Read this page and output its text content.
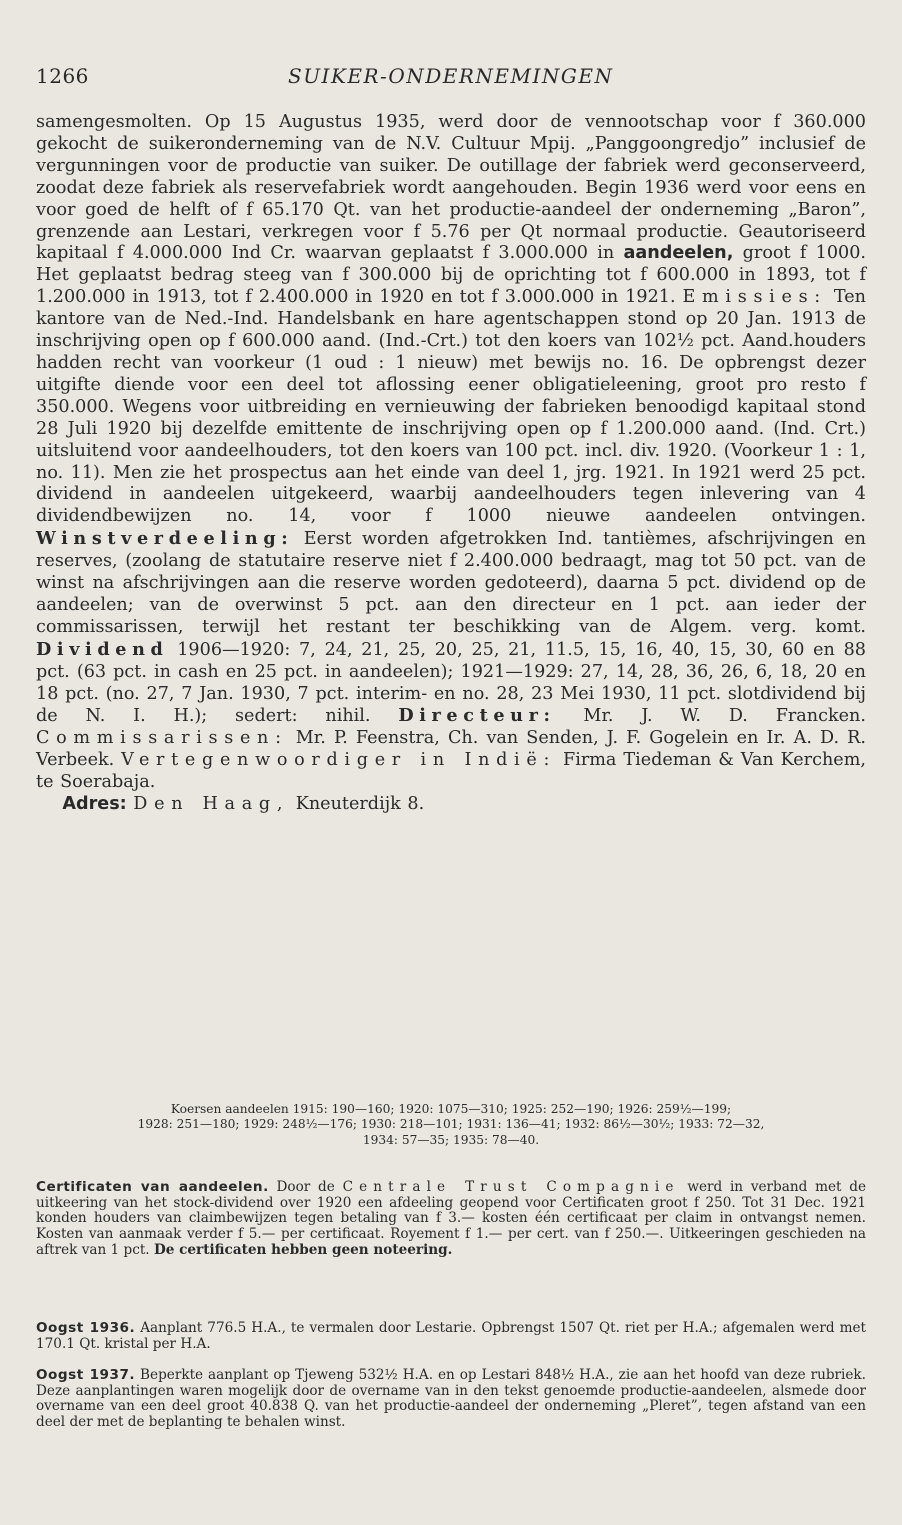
1266	SUIKER-ONDERNEMINGEN

samengesmolten. Op 15 Augustus 1935, werd door de vennootschap voor f 360.000 gekocht de suikeronderneming van de N.V. Cultuur Mpij. „Panggoongredjo” inclusief de vergunningen voor de productie van suiker. De outillage der fabriek werd geconserveerd, zoodat deze fabriek als reservefabriek wordt aangehouden. Begin 1936 werd voor eens en voor goed de helft of f 65.170 Qt. van het productie-aandeel der onderneming „Baron”, grenzende aan Lestari, verkregen voor f 5.76 per Qt normaal productie. Geautoriseerd kapitaal f 4.000.000 Ind Cr. waarvan geplaatst f 3.000.000 in aandeelen, groot f 1000. Het geplaatst bedrag steeg van f 300.000 bij de oprichting tot f 600.000 in 1893, tot f 1.200.000 in 1913, tot f 2.400.000 in 1920 en tot f 3.000.000 in 1921. Emissies: Ten kantore van de Ned.-Ind. Handelsbank en hare agentschappen stond op 20 Jan. 1913 de inschrijving open op f 600.000 aand. (Ind.-Crt.) tot den koers van 102½ pct. Aand.houders hadden recht van voorkeur (1 oud : 1 nieuw) met bewijs no. 16. De opbrengst dezer uitgifte diende voor een deel tot aflossing eener obligatieleening, groot pro resto f 350.000. Wegens voor uitbreiding en vernieuwing der fabrieken benoodigd kapitaal stond 28 Juli 1920 bij dezelfde emittente de inschrijving open op f 1.200.000 aand. (Ind. Crt.) uitsluitend voor aandeelhouders, tot den koers van 100 pct. incl. div. 1920. (Voorkeur 1 : 1, no. 11). Men zie het prospectus aan het einde van deel 1, jrg. 1921. In 1921 werd 25 pct. dividend in aandeelen uitgekeerd, waarbij aandeelhouders tegen inlevering van 4 dividendbewijzen no. 14, voor f 1000 nieuwe aandeelen ontvingen. Winstverdeeling: Eerst worden afgetrokken Ind. tantièmes, afschrijvingen en reserves, (zoolang de statutaire reserve niet f 2.400.000 bedraagt, mag tot 50 pct. van de winst na afschrijvingen aan die reserve worden gedoteerd), daarna 5 pct. dividend op de aandeelen; van de overwinst 5 pct. aan den directeur en 1 pct. aan ieder der commissarissen, terwijl het restant ter beschikking van de Algem. verg. komt. Dividend 1906—1920: 7, 24, 21, 25, 20, 25, 21, 11.5, 15, 16, 40, 15, 30, 60 en 88 pct. (63 pct. in cash en 25 pct. in aandeelen); 1921—1929: 27, 14, 28, 36, 26, 6, 18, 20 en 18 pct. (no. 27, 7 Jan. 1930, 7 pct. interim- en no. 28, 23 Mei 1930, 11 pct. slotdividend bij de N. I. H.); sedert: nihil. Directeur: Mr. J. W. D. Francken. Commissarissen: Mr. P. Feenstra, Ch. van Senden, J. F. Gogelein en Ir. A. D. R. Verbeek. Vertegenwoordiger in Indië: Firma Tiedeman & Van Kerchem, te Soerabaja.

Adres: Den Haag, Kneuterdijk 8.

Koersen aandeelen 1915: 190—160; 1920: 1075—310; 1925: 252—190; 1926: 259½—199;
1928: 251—180; 1929: 248½—176; 1930: 218—101; 1931: 136—41; 1932: 86½—30½; 1933: 72—32,
1934: 57—35; 1935: 78—40.
Certificaten van aandeelen. Door de Centrale Trust Compagnie werd in verband met de uitkeering van het stock-dividend over 1920 een afdeeling geopend voor Certificaten groot f 250. Tot 31 Dec. 1921 konden houders van claimbewijzen tegen betaling van f 3.— kosten één certificaat per claim in ontvangst nemen. Kosten van aanmaak verder f 5.— per certificaat. Royement f 1.— per cert. van f 250.—. Uitkeeringen geschieden na aftrek van 1 pct. De certificaten hebben geen noteering.
Oogst 1936. Aanplant 776.5 H.A., te vermalen door Lestarie. Opbrengst 1507 Qt. riet per H.A.; afgemalen werd met 170.1 Qt. kristal per H.A.
Oogst 1937. Beperkte aanplant op Tjeweng 532½ H.A. en op Lestari 848½ H.A., zie aan het hoofd van deze rubriek. Deze aanplantingen waren mogelijk door de overname van in den tekst genoemde productie-aandeelen, alsmede door overname van een deel groot 40.838 Q. van het productie-aandeel der onderneming „Pleret”, tegen afstand van een deel der met de beplanting te behalen winst.
